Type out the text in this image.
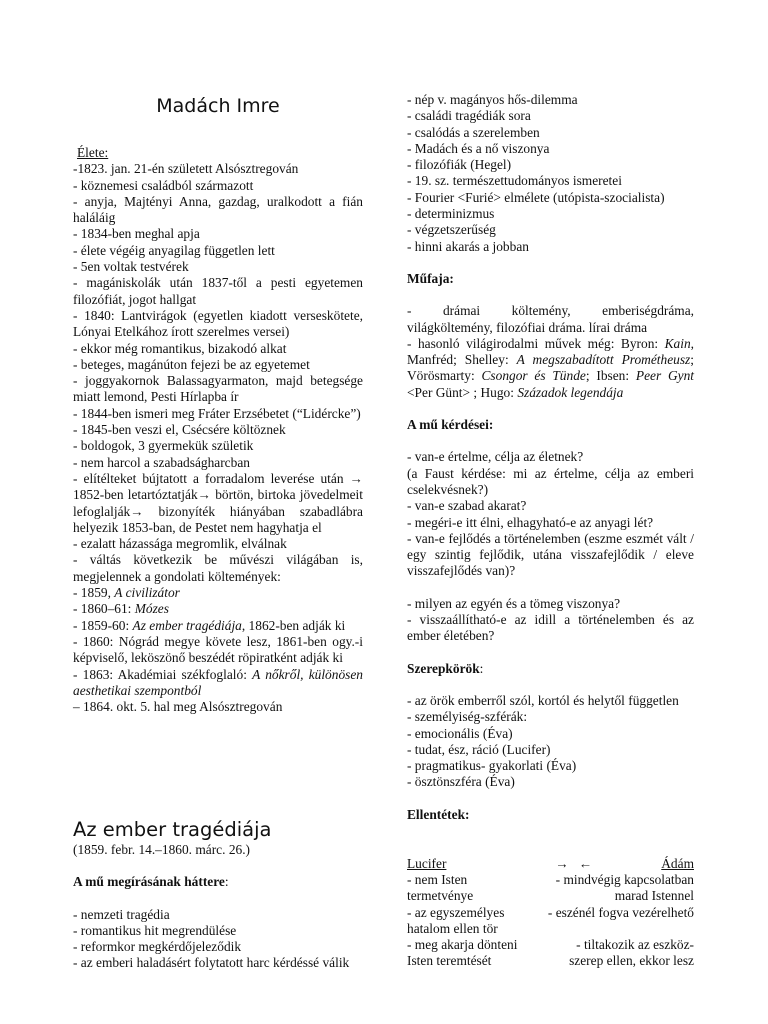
Madách Imre

Élete:

-1823. jan. 21-én született Alsósztregován

- köznemesi családból származott

- anyja, Majtényi Anna, gazdag, uralkodott a fián haláláig

- 1834-ben meghal apja

- élete végéig anyagilag független lett

- 5en voltak testvérek

- magániskolák után 1837-től a pesti egyetemen filozófiát, jogot hallgat

- 1840: Lantvirágok (egyetlen kiadott verseskötete, Lónyai Etelkához írott szerelmes versei)

- ekkor még romantikus, bizakodó alkat

- beteges, magánúton fejezi be az egyetemet

- joggyakornok Balassagyarmaton, majd betegsége miatt lemond, Pesti Hírlapba ír

- 1844-ben ismeri meg Fráter Erzsébetet (“Lidércke”)

- 1845-ben veszi el, Csécsére költöznek

- boldogok, 3 gyermekük születik

- nem harcol a szabadságharcban

- elítélteket bújtatott a forradalom leverése után → 1852-ben letartóztatják→ börtön, birtoka jövedelmeit lefoglalják→ bizonyíték hiányában szabadlábra helyezik 1853-ban, de Pestet nem hagyhatja el

- ezalatt házassága megromlik, elválnak

- váltás következik be művészi világában is, megjelennek a gondolati költemények:

- 1859, A civilizátor

- 1860–61: Mózes

- 1859-60: Az ember tragédiája, 1862-ben adják ki

- 1860: Nógrád megye követe lesz, 1861-ben ogy.-i képviselő, leköszönő beszédét röpiratként adják ki

- 1863: Akadémiai székfoglaló: A nőkről, különösen aesthetikai szempontból

– 1864. okt. 5. hal meg Alsósztregován

Az ember tragédiája

(1859. febr. 14.–1860. márc. 26.)

A mű megírásának háttere:

- nemzeti tragédia

- romantikus hit megrendülése

- reformkor megkérdőjeleződik

- az emberi haladásért folytatott harc kérdéssé válik

- nép v. magányos hős-dilemma

- családi tragédiák sora

- csalódás a szerelemben

- Madách és a nő viszonya

- filozófiák (Hegel)

- 19. sz. természettudományos ismeretei

- Fourier <Furié> elmélete (utópista-szocialista)

- determinizmus

- végzetszerűség

- hinni akarás a jobban

Műfaja:

- drámai költemény, emberiségdráma, világköltemény, filozófiai dráma. lírai dráma

- hasonló világirodalmi művek még: Byron: Kain, Manfréd; Shelley: A megszabadított Prométheusz; Vörösmarty: Csongor és Tünde; Ibsen: Peer Gynt <Per Günt> ; Hugo: Századok legendája

A mű kérdései:

- van-e értelme, célja az életnek?

(a Faust kérdése: mi az értelme, célja az emberi cselekvésnek?)

- van-e szabad akarat?

- megéri-e itt élni, elhagyható-e az anyagi lét?

- van-e fejlődés a történelemben (eszme eszmét vált / egy szintig fejlődik, utána visszafejlődik / eleve visszafejlődés van)?

- milyen az egyén és a tömeg viszonya?

- visszaállítható-e az idill a történelemben és az ember életében?

Szerepkörök:

- az örök emberről szól, kortól és helytől független

- személyiség-szférák:

- emocionális (Éva)

- tudat, ész, ráció (Lucifer)

- pragmatikus- gyakorlati (Éva)

- ösztönszféra (Éva)

Ellentétek:

Lucifer	→   ←	Ádám
- nem Isten termetvénye
- mindvégig kapcsolatban marad Istennel
- az egyszemélyes hatalom ellen tör
- eszénél fogva vezérelhető
- meg akarja dönteni Isten teremtését
- tiltakozik az eszköz-szerep ellen, ekkor lesz
